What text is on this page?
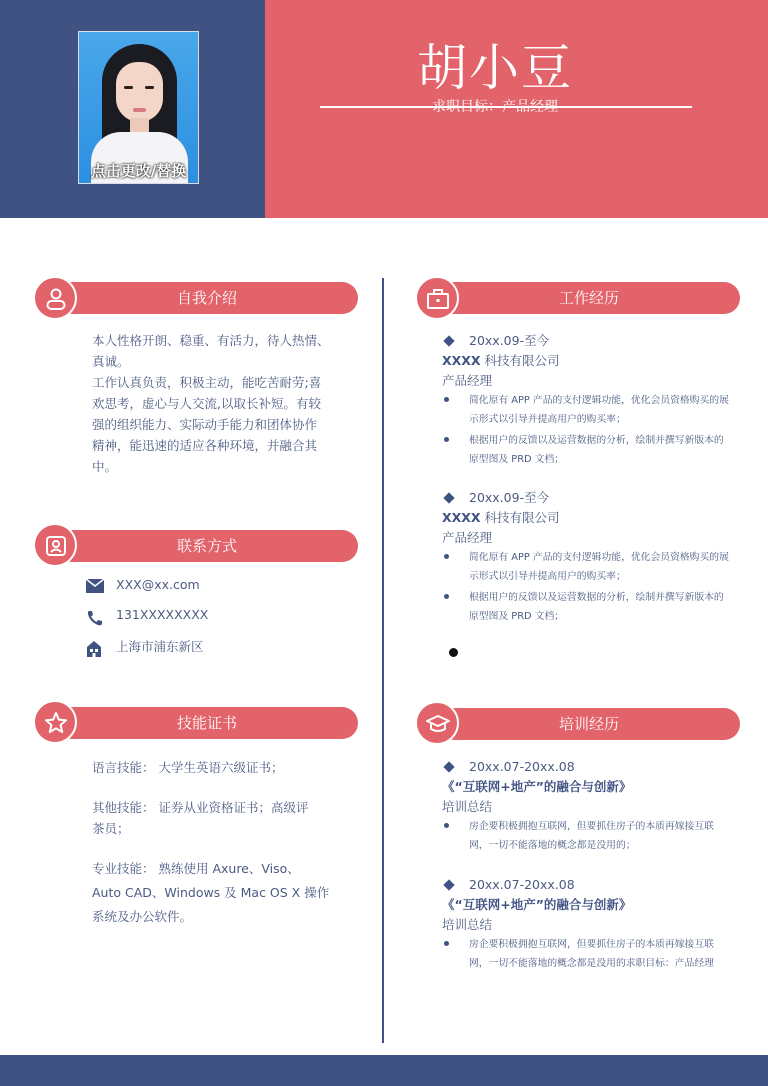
点击更改/替换
胡小豆
求职目标：产品经理
自我介绍
本人性格开朗、稳重、有活力，待人热情、
真诚。
工作认真负责，积极主动，能吃苦耐劳;喜
欢思考，虚心与人交流,以取长补短。有较
强的组织能力、实际动手能力和团体协作
精神，能迅速的适应各种环境，并融合其
中。
联系方式
XXX@xx.com
131XXXXXXXX
上海市浦东新区
技能证书
语言技能： 大学生英语六级证书；
其他技能： 证券从业资格证书；高级评
茶员；
专业技能： 熟练使用 Axure、Viso、
Auto CAD、Windows 及 Mac OS X 操作
系统及办公软件。
工作经历
20xx.09-至今
XXXX 科技有限公司
产品经理
简化原有 APP 产品的支付逻辑功能，优化会员资格购买的展示形式以引导并提高用户的购买率；
根据用户的反馈以及运营数据的分析，绘制并撰写新版本的原型图及 PRD 文档；
20xx.09-至今
XXXX 科技有限公司
产品经理
简化原有 APP 产品的支付逻辑功能，优化会员资格购买的展示形式以引导并提高用户的购买率；
根据用户的反馈以及运营数据的分析，绘制并撰写新版本的原型图及 PRD 文档；
培训经历
20xx.07-20xx.08
《“互联网+地产”的融合与创新》
培训总结
房企要积极拥抱互联网，但要抓住房子的本质再嫁接互联网，一切不能落地的概念都是没用的；
20xx.07-20xx.08
《“互联网+地产”的融合与创新》
培训总结
房企要积极拥抱互联网，但要抓住房子的本质再嫁接互联网，一切不能落地的概念都是没用的求职目标：产品经理
